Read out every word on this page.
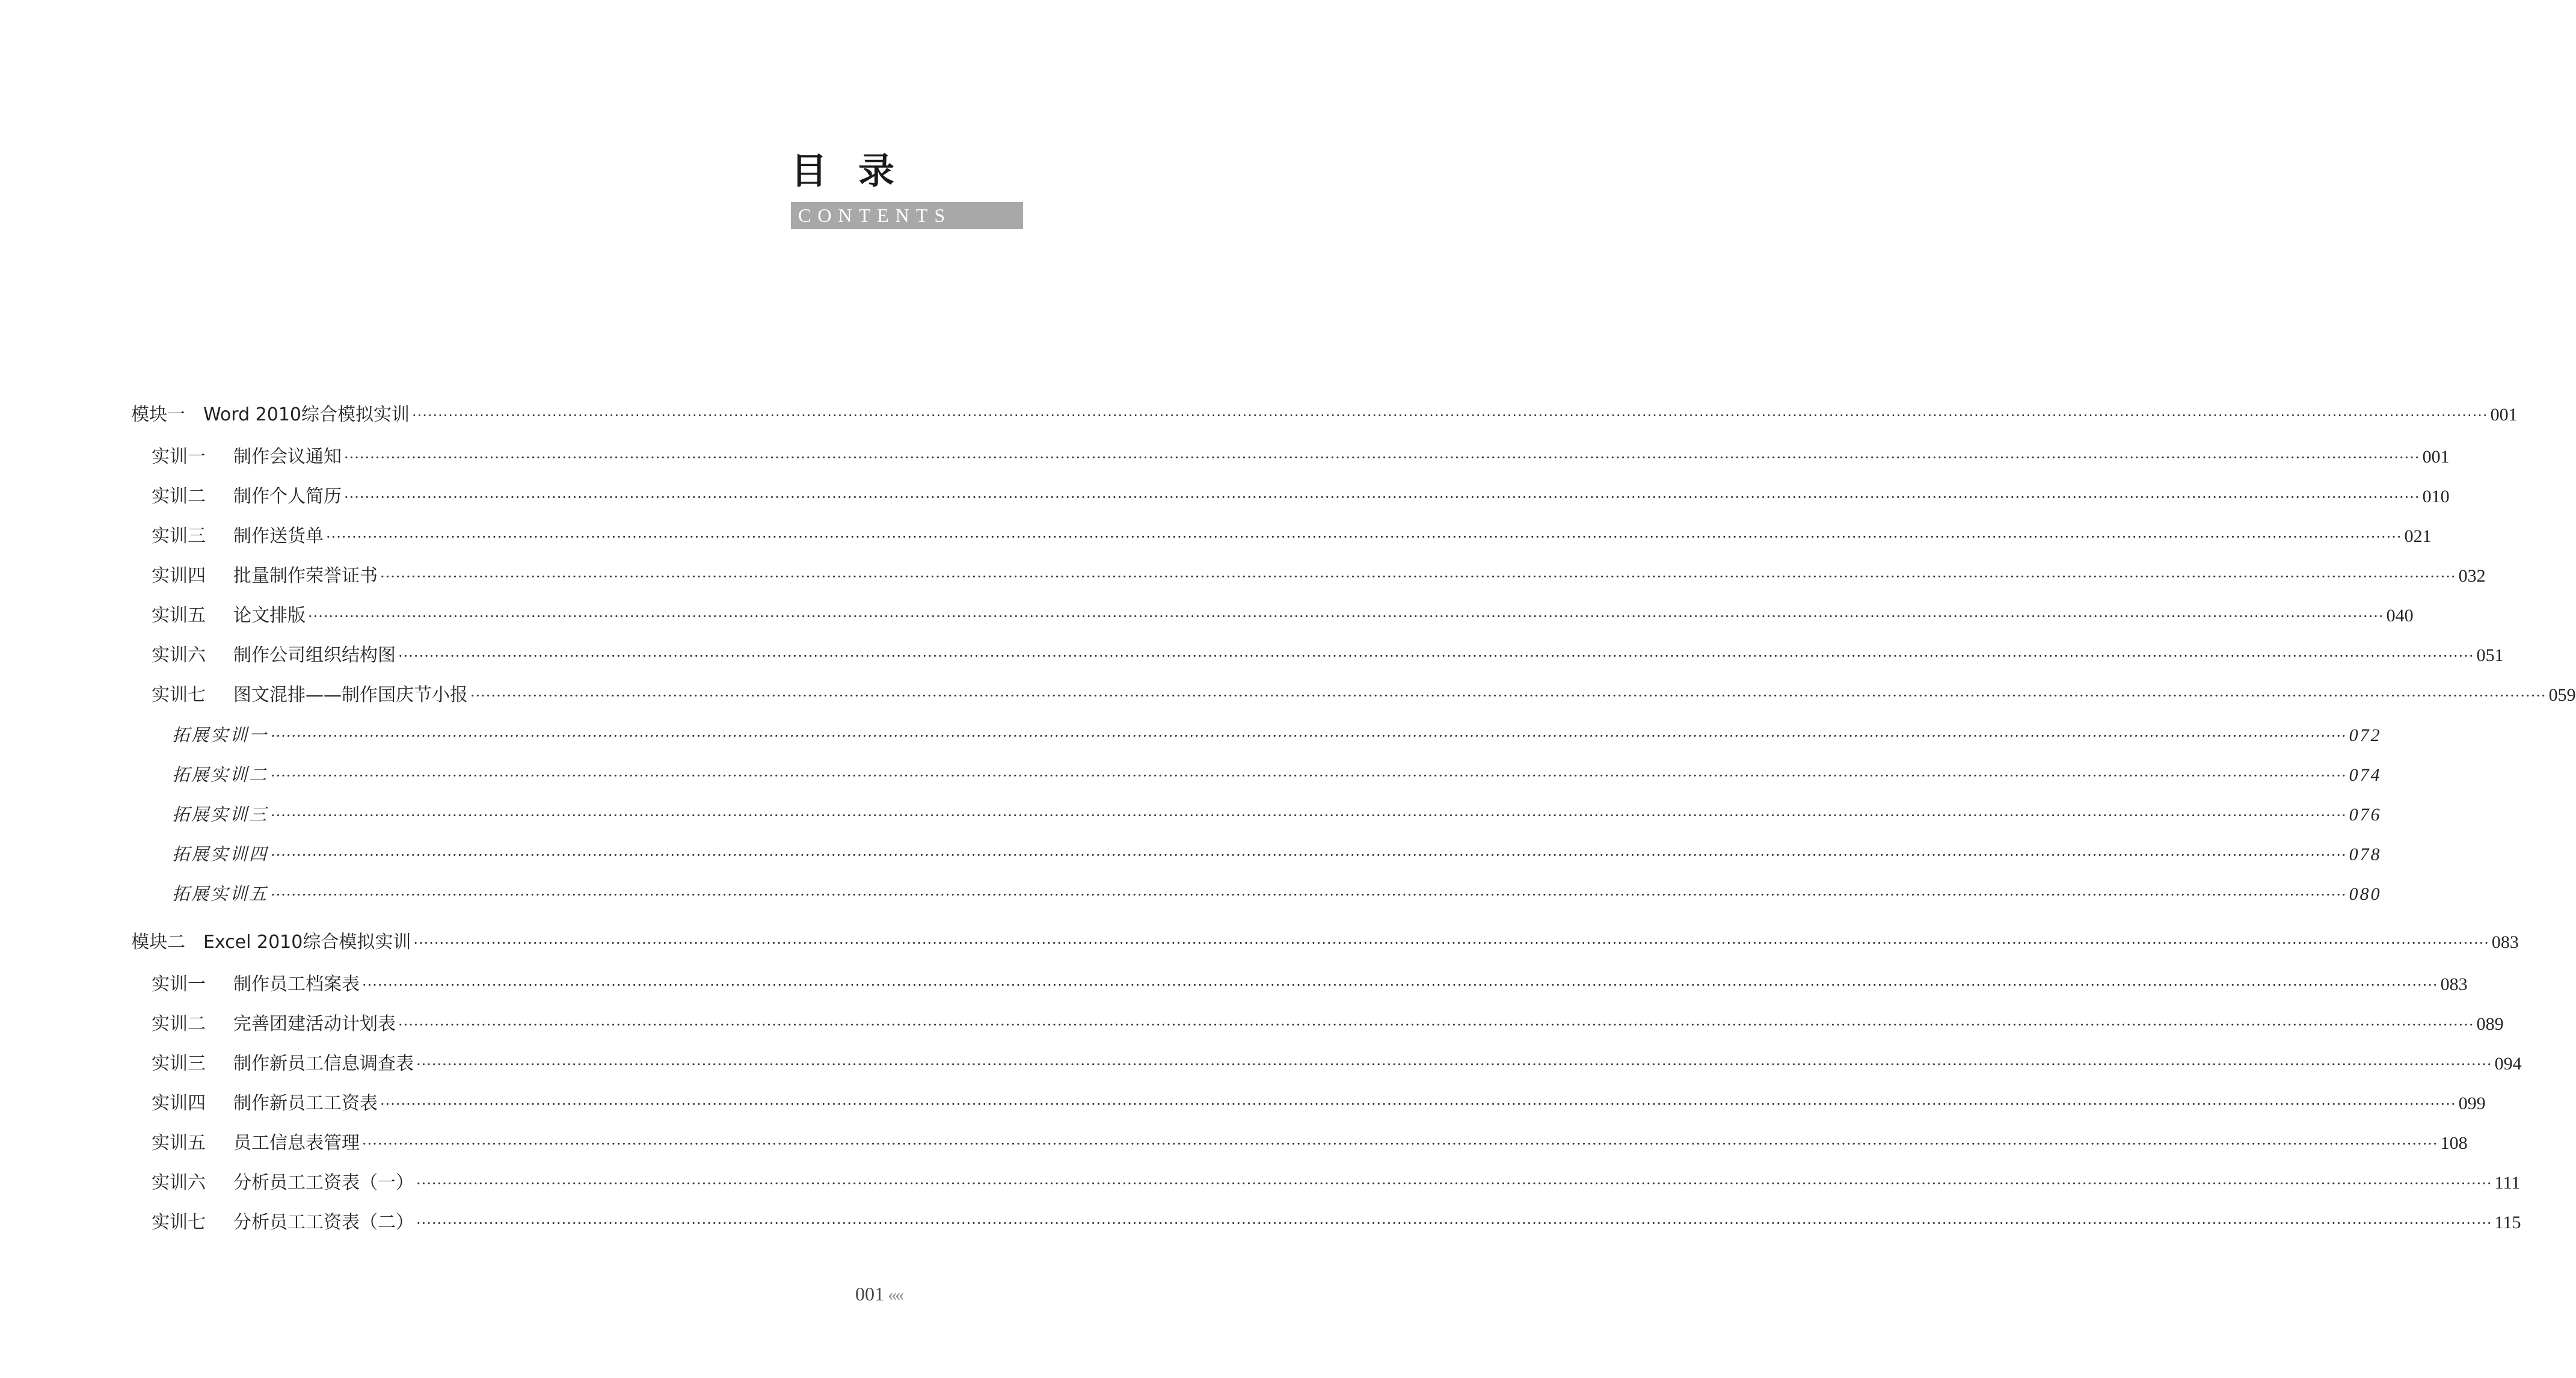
目录
CONTENTS
模块一　Word 2010综合模拟实训 ················································································································································································································································································································································································································ 001
实训一 制作会议通知 ················································································································································································································································································································································································································ 001
实训二 制作个人简历 ················································································································································································································································································································································································································ 010
实训三 制作送货单 ················································································································································································································································································································································································································ 021
实训四 批量制作荣誉证书 ················································································································································································································································································································································································································ 032
实训五 论文排版 ················································································································································································································································································································································································································ 040
实训六 制作公司组织结构图 ················································································································································································································································································································································································································ 051
实训七 图文混排——制作国庆节小报 ················································································································································································································································································································································································································ 059
拓展实训一 ················································································································································································································································································································································································································ 072
拓展实训二 ················································································································································································································································································································································································································ 074
拓展实训三 ················································································································································································································································································································································································································ 076
拓展实训四 ················································································································································································································································································································································································································ 078
拓展实训五 ················································································································································································································································································································································································································ 080
模块二　Excel 2010综合模拟实训 ················································································································································································································································································································································································································ 083
实训一 制作员工档案表 ················································································································································································································································································································································································································ 083
实训二 完善团建活动计划表 ················································································································································································································································································································································································································ 089
实训三 制作新员工信息调查表 ················································································································································································································································································································································································································ 094
实训四 制作新员工工资表 ················································································································································································································································································································································································································ 099
实训五 员工信息表管理 ················································································································································································································································································································································································································ 108
实训六 分析员工工资表（一） ················································································································································································································································································································································································································ 111
实训七 分析员工工资表（二） ················································································································································································································································································································································································································ 115
001 ‹‹‹‹
